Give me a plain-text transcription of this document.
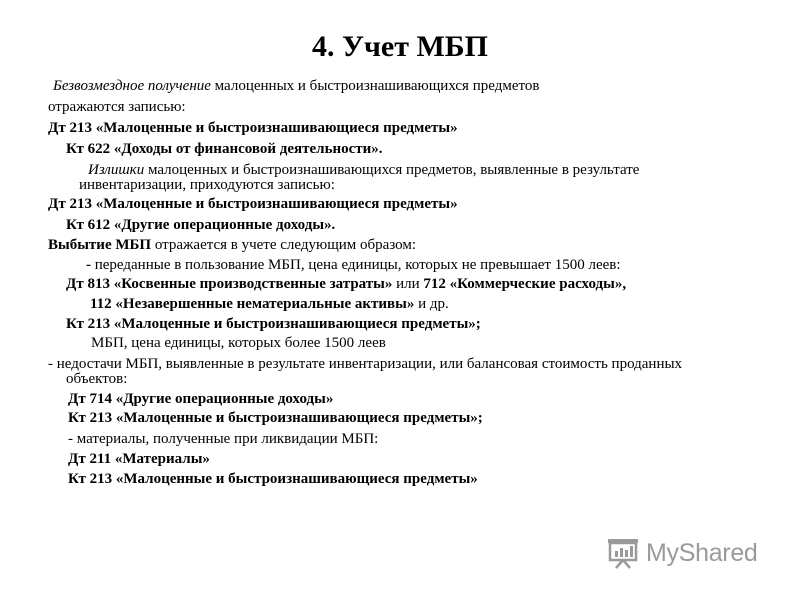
4. Учет МБП
Безвозмездное получение малоценных и быстроизнашивающихся предметов
отражаются записью:
Дт 213 «Малоценные и быстроизнашивающиеся предметы»
Кт 622 «Доходы от финансовой деятельности».
Излишки малоценных и быстроизнашивающихся предметов, выявленные в результате
инвентаризации, приходуются записью:
Дт 213 «Малоценные и быстроизнашивающиеся предметы»
Кт 612 «Другие операционные доходы».
Выбытие МБП отражается в учете следующим образом:
- переданные в пользование МБП, цена единицы, которых не превышает 1500 леев:
Дт 813 «Косвенные производственные затраты» или 712 «Коммерческие расходы»,
112 «Незавершенные нематериальные активы» и др.
Кт 213 «Малоценные и быстроизнашивающиеся предметы»;
МБП, цена единицы, которых более 1500 леев
- недостачи МБП, выявленные в результате инвентаризации, или балансовая стоимость проданных
объектов:
Дт 714 «Другие операционные доходы»
Кт 213 «Малоценные и быстроизнашивающиеся предметы»;
- материалы, полученные при ликвидации МБП:
Дт 211 «Материалы»
Кт 213 «Малоценные и быстроизнашивающиеся предметы»
MyShared
